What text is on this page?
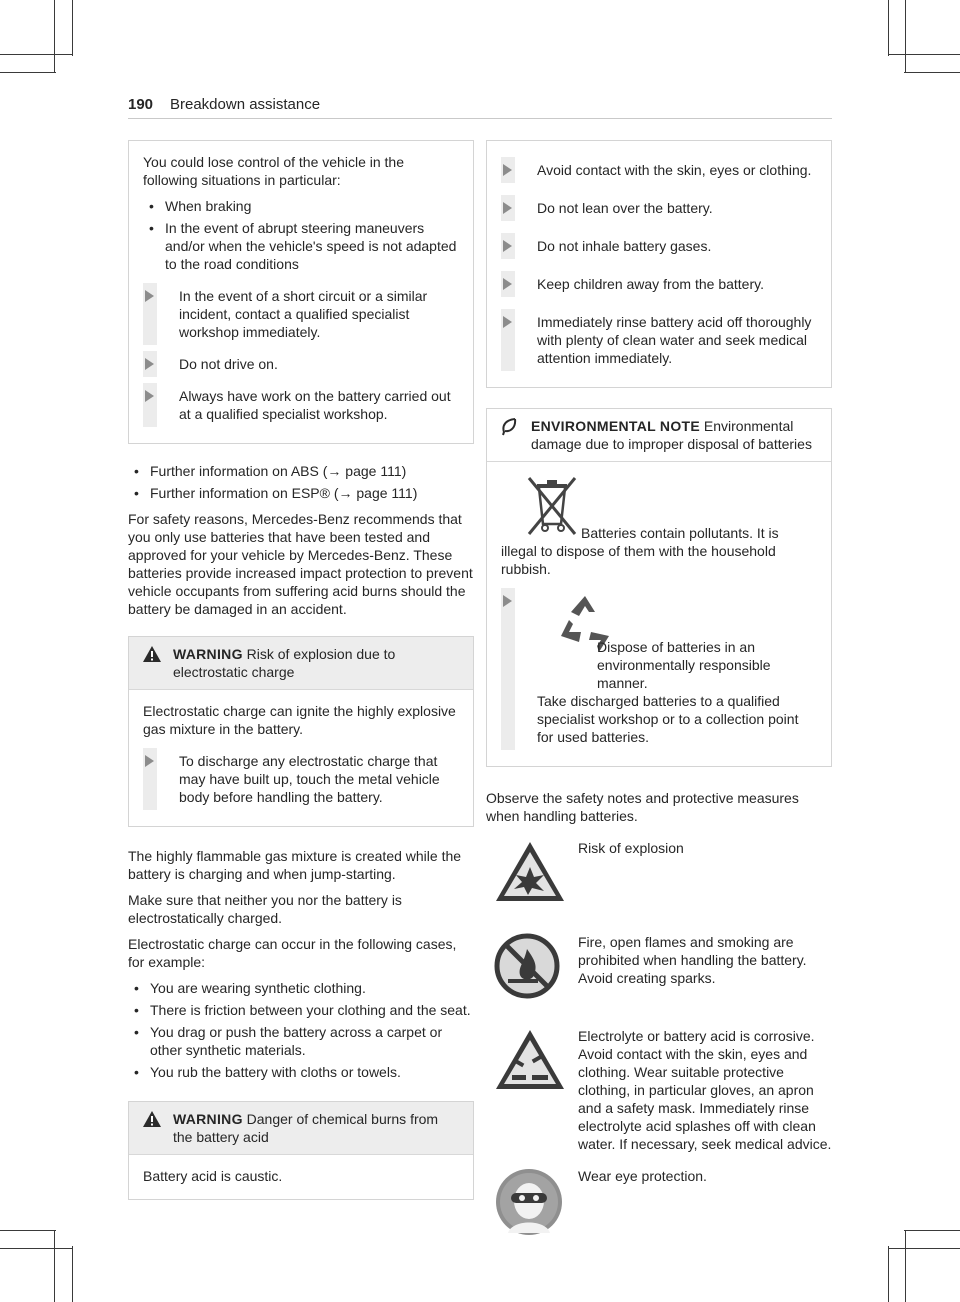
190 Breakdown assistance

You could lose control of the vehicle in the following situations in particular:

• When braking
• In the event of abrupt steering maneuvers and/or when the vehicle's speed is not adapted to the road conditions
In the event of a short circuit or a similar incident, contact a qualified specialist workshop immediately.
Do not drive on.
Always have work on the battery carried out at a qualified specialist workshop.
• Further information on ABS (→ page 111)
• Further information on ESP® (→ page 111)

For safety reasons, Mercedes-Benz recommends that you only use batteries that have been tested and approved for your vehicle by Mercedes-Benz. These batteries provide increased impact protection to prevent vehicle occupants from suffering acid burns should the battery be damaged in an accident.

WARNING Risk of explosion due to electrostatic charge

Electrostatic charge can ignite the highly explosive gas mixture in the battery.

To discharge any electrostatic charge that may have built up, touch the metal vehicle body before handling the battery.

The highly flammable gas mixture is created while the battery is charging and when jump-starting.

Make sure that neither you nor the battery is electrostatically charged.

Electrostatic charge can occur in the following cases, for example:

• You are wearing synthetic clothing.
• There is friction between your clothing and the seat.
• You drag or push the battery across a carpet or other synthetic materials.
• You rub the battery with cloths or towels.
WARNING Danger of chemical burns from the battery acid

Battery acid is caustic.

Avoid contact with the skin, eyes or clothing.
Do not lean over the battery.
Do not inhale battery gases.
Keep children away from the battery.
Immediately rinse battery acid off thoroughly with plenty of clean water and seek medical attention immediately.
ENVIRONMENTAL NOTE Environmental damage due to improper disposal of batteries

Batteries contain pollutants. It is illegal to dispose of them with the household rubbish.

Dispose of batteries in an environmentally responsible manner.
Take discharged batteries to a qualified specialist workshop or to a collection point for used batteries.

Observe the safety notes and protective measures when handling batteries.

Risk of explosion
Fire, open flames and smoking are prohibited when handling the battery. Avoid creating sparks.
Electrolyte or battery acid is corrosive. Avoid contact with the skin, eyes and clothing. Wear suitable protective clothing, in particular gloves, an apron and a safety mask. Immediately rinse electrolyte acid splashes off with clean water. If necessary, seek medical advice.
Wear eye protection.
